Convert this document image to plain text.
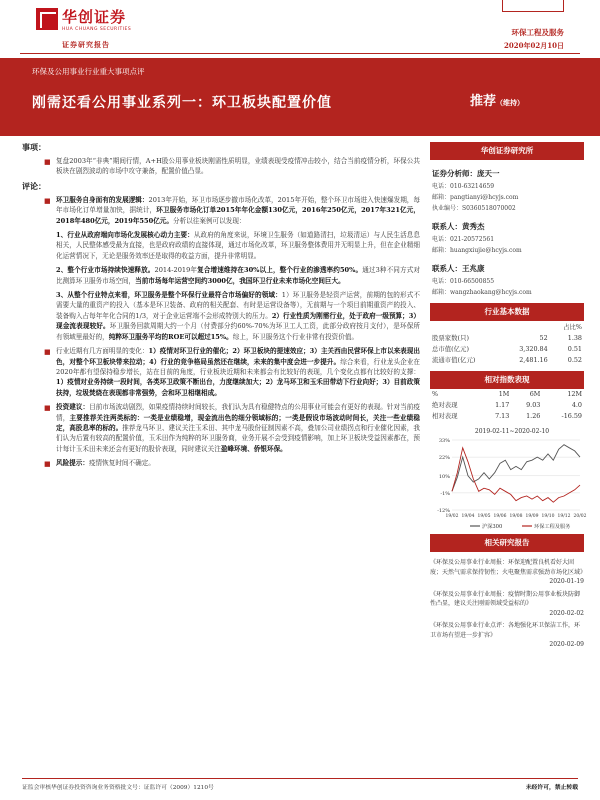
华创证券
HUA CHUANG SECURITIES
证券研究报告
环保工程及服务
2020年02月10日
环保及公用事业行业重大事项点评
刚需还看公用事业系列一：环卫板块配置价值	推荐（维持）
事项：
■ 复盘2003年“非典”期间行情，A+H股公用事业板块刚需性质明显，业绩表现受疫情冲击较小，结合当前疫情分析，环保公共板块在剧烈波动的市场中攻守兼备，配置价值凸显。
评论：
■ 环卫服务自身面有的发展逻辑：2013年开始，环卫市场逐步撤市场化改革，2015年开始，整个环卫市场进入快速爆发期，每年市场化订单增量加快，据统计，环卫服务市场化订单2015年年化金额130亿元，2016年250亿元，2017年321亿元，2018年480亿元，2019年550亿元。分析以往案例可以发现：
1、行业从政府端向市场化发展核心动力主要：从政府的角度来说，环境卫生服务（如道路清扫，垃圾清运）与人民生活息息相关，人民整体感受最为直接，也是政府政绩的直接体现，通过市场化改革，环卫服务整体费用并无明显上升，但在企业精细化运营情况下，无论是服务效率还是取得的收益方面，提升非常明显。
2、整个行业市场持续快速释放。2014-2019年复合增速维持在30%以上，整个行业的渗透率约50%。通过3种不同方式对比测算环卫服务市场空间，当前市场每年运营空间约3000亿，我国环卫行业未来市场化空间巨大。
3、从整个行业特点来看，环卫服务是整个环保行业最符合市场偏好的领域：1）环卫服务是轻资产运营，前期的包的形式不需要大量的重资产的投入（基本是环卫装备、政府的相关配套、有时是运营设备等），无前期与一个项目前期重资产的投入、装备购入占每年年化合同的1/3，对于企业运营端不会形成特别大的压力。2）行业性质为刚需行业，处于政府一级预算；3）现金流表现较好。环卫服务回款周期大约一个月（付费部分约60%-70%为环卫工人工资，此部分政府按月支付），是环保所有领域里最好的，纯粹环卫服务平均的ROE可以超过15%。综上，环卫服务这个行业非常有投资价值。
■ 行业近期有几方面明显的变化：1）疫情对环卫行业的催化；2）环卫板块的提速效应；3）主关西由民营环保上市以来表现出色，对整个环卫板块带来拉动；4）行业的竞争格局虽然还在继续，未来的集中度会进一步提升。综合来看，行业龙头企业在2020年都有望保持稳步增长，站在目前的角度，行业板块近期和未来都会有比较好的表现，几个变化点都有比较好的支撑：1）疫情对业务持续一段时间，各类环卫政策不断出台，力度继续加大；2）龙马环卫和玉禾田带动下行业向好；3）目前政策扶持，垃圾焚烧在表现都非常强势，会和环卫相继相成。
■ 投资建议：目前市场波动剧烈，如果疫情持续时间较长，我们认为具有稳健特点的公用事业可能会有更好的表现。针对当前疫情，主要推荐关注两类标的：一类是业绩稳增，现金流出色的细分领域标的；一类是假设市场波动时间长，关注一些业绩稳定，高股息率的标的。推荐龙马环卫、建议关注玉禾田、其中龙马股份征制因素不高，叠加公司业绩拐点和行业催化因素，我们认为后置有较高的配置价值，玉禾田作为纯粹的环卫服务商，业务开展不会受到疫情影响，加上环卫板块受益因素都在，预计每计玉禾田未来还会有更好的股价表现，同时建议关注盈峰环境、侨银环保。
■ 风险提示：疫情恢复时间不确定。
华创证券研究所
证券分析师：庞天一
电话：010-63214659
邮箱：pangtianyi@hcyjs.com
执业编号：S0360518070002
联系人：黄秀杰
电话：021-20572561
邮箱：huangxiujie@hcyjs.com
联系人：王兆康
电话：010-66500855
邮箱：wangzhaokang@hcyjs.com
行业基本数据
		占比%
股票家数(只)	52	1.38
总市值(亿元)	3,320.84	0.51
流通市值(亿元)	2,481.16	0.52
相对指数表现
%	1M	6M	12M
绝对表现	1.17	9.03	4.0
相对表现	7.13	1.26	-16.59
2019-02-11~2020-02-10
33%
22%
10%
-1%
-12%
19/02 19/04 19/05 19/06 19/08 19/09 19/10 19/12 20/02
沪深300	环保工程及服务
相关研究报告
《环保及公用事业行业周报：环保迎配置良机看好大固废；天然气需求保持韧性；火电聚焦需求强劲市场化区域》
2020-01-19
《环保及公用事业行业周报：疫情时期公用事业板块防御性凸显，建议关注刚需领域受益标的》
2020-02-02
《环保及公用事业行业点评：各地强化环卫保洁工作，环卫市场有望进一步扩容》
2020-02-09
证监会审核华创证券投资咨询业务资格批文号：证监许可（2009）1210号	未经许可，禁止转载
